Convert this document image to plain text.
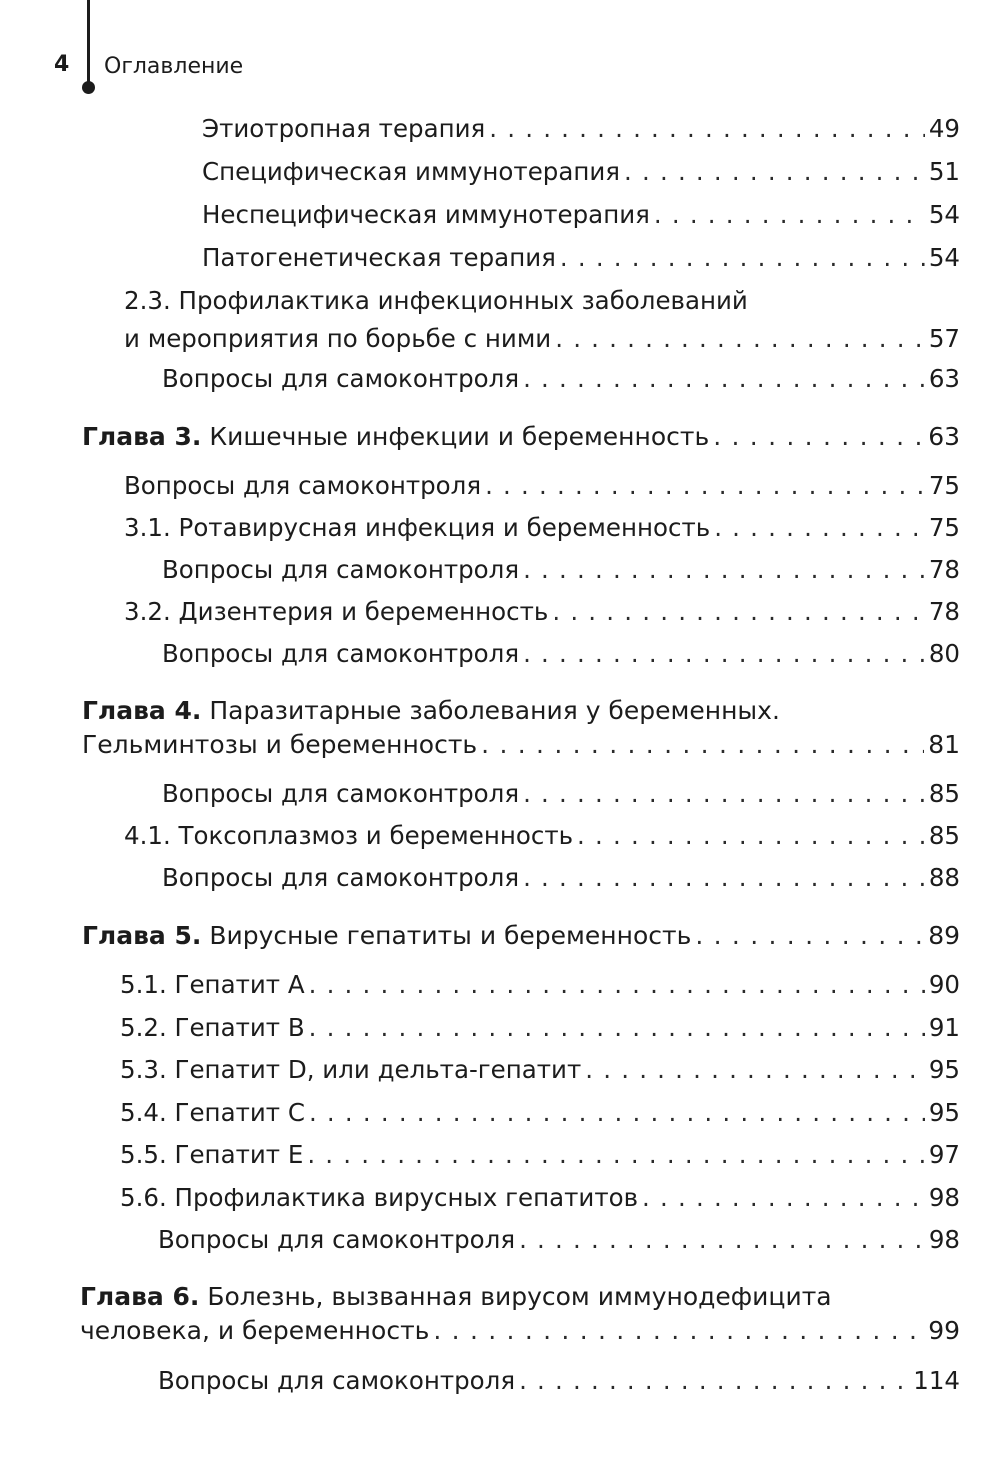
4 Оглавление
Этиотропная терапия . . .	49
Специфическая иммунотерапия . . .	51
Неспецифическая иммунотерапия . . .	54
Патогенетическая терапия . . .	54
2.3. Профилактика инфекционных заболеваний
и мероприятия по борьбе с ними . . .	57
Вопросы для самоконтроля . . .	63
Глава 3.
Кишечные инфекции и беременность . . .	63
Вопросы для самоконтроля . . .	75
3.1. Ротавирусная инфекция и беременность . . .	75
Вопросы для самоконтроля . . .	78
3.2. Дизентерия и беременность . . .	78
Вопросы для самоконтроля . . .	80
Глава 4.
Паразитарные заболевания у беременных.
Гельминтозы и беременность . . .	81
Вопросы для самоконтроля . . .	85
4.1. Токсоплазмоз и беременность . . .	85
Вопросы для самоконтроля . . .	88
Глава 5.
Вирусные гепатиты и беременность . . .	89
5.1. Гепатит А . . .	90
5.2. Гепатит В . . .	91
5.3. Гепатит D, или дельта-гепатит . . .	95
5.4. Гепатит С . . .	95
5.5. Гепатит Е . . .	97
5.6. Профилактика вирусных гепатитов . . .	98
Вопросы для самоконтроля . . .	98
Глава 6.
Болезнь, вызванная вирусом иммунодефицита
человека, и беременность . . .	99
Вопросы для самоконтроля . . .	114
